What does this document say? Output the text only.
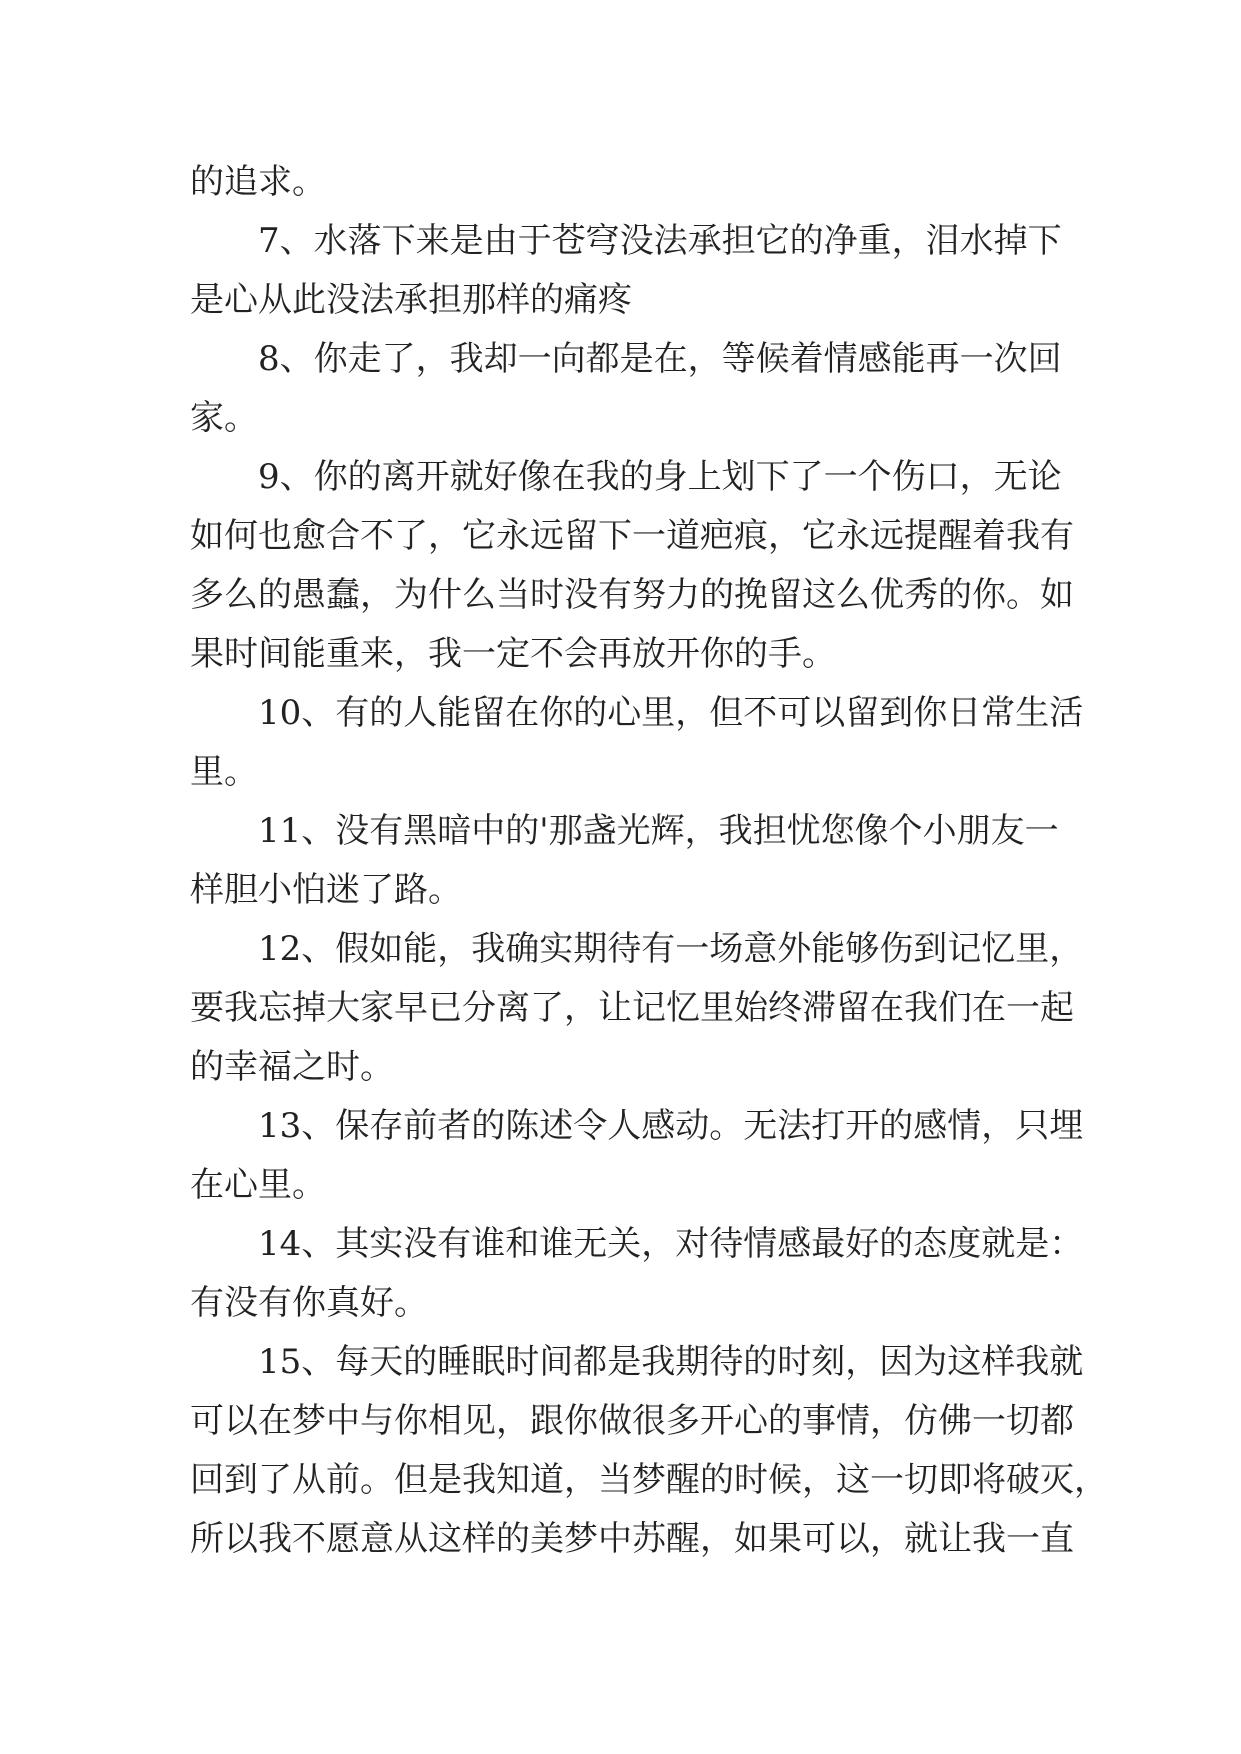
的追求。
7、水落下来是由于苍穹没法承担它的净重，泪水掉下
是心从此没法承担那样的痛疼
8、你走了，我却一向都是在，等候着情感能再一次回
家。
9、你的离开就好像在我的身上划下了一个伤口，无论
如何也愈合不了，它永远留下一道疤痕，它永远提醒着我有
多么的愚蠢，为什么当时没有努力的挽留这么优秀的你。如
果时间能重来，我一定不会再放开你的手。
10、有的人能留在你的心里，但不可以留到你日常生活
里。
11、没有黑暗中的'那盏光辉，我担忧您像个小朋友一
样胆小怕迷了路。
12、假如能，我确实期待有一场意外能够伤到记忆里，
要我忘掉大家早已分离了，让记忆里始终滞留在我们在一起
的幸福之时。
13、保存前者的陈述令人感动。无法打开的感情，只埋
在心里。
14、其实没有谁和谁无关，对待情感最好的态度就是：
有没有你真好。
15、每天的睡眠时间都是我期待的时刻，因为这样我就
可以在梦中与你相见，跟你做很多开心的事情，仿佛一切都
回到了从前。但是我知道，当梦醒的时候，这一切即将破灭，
所以我不愿意从这样的美梦中苏醒，如果可以，就让我一直
